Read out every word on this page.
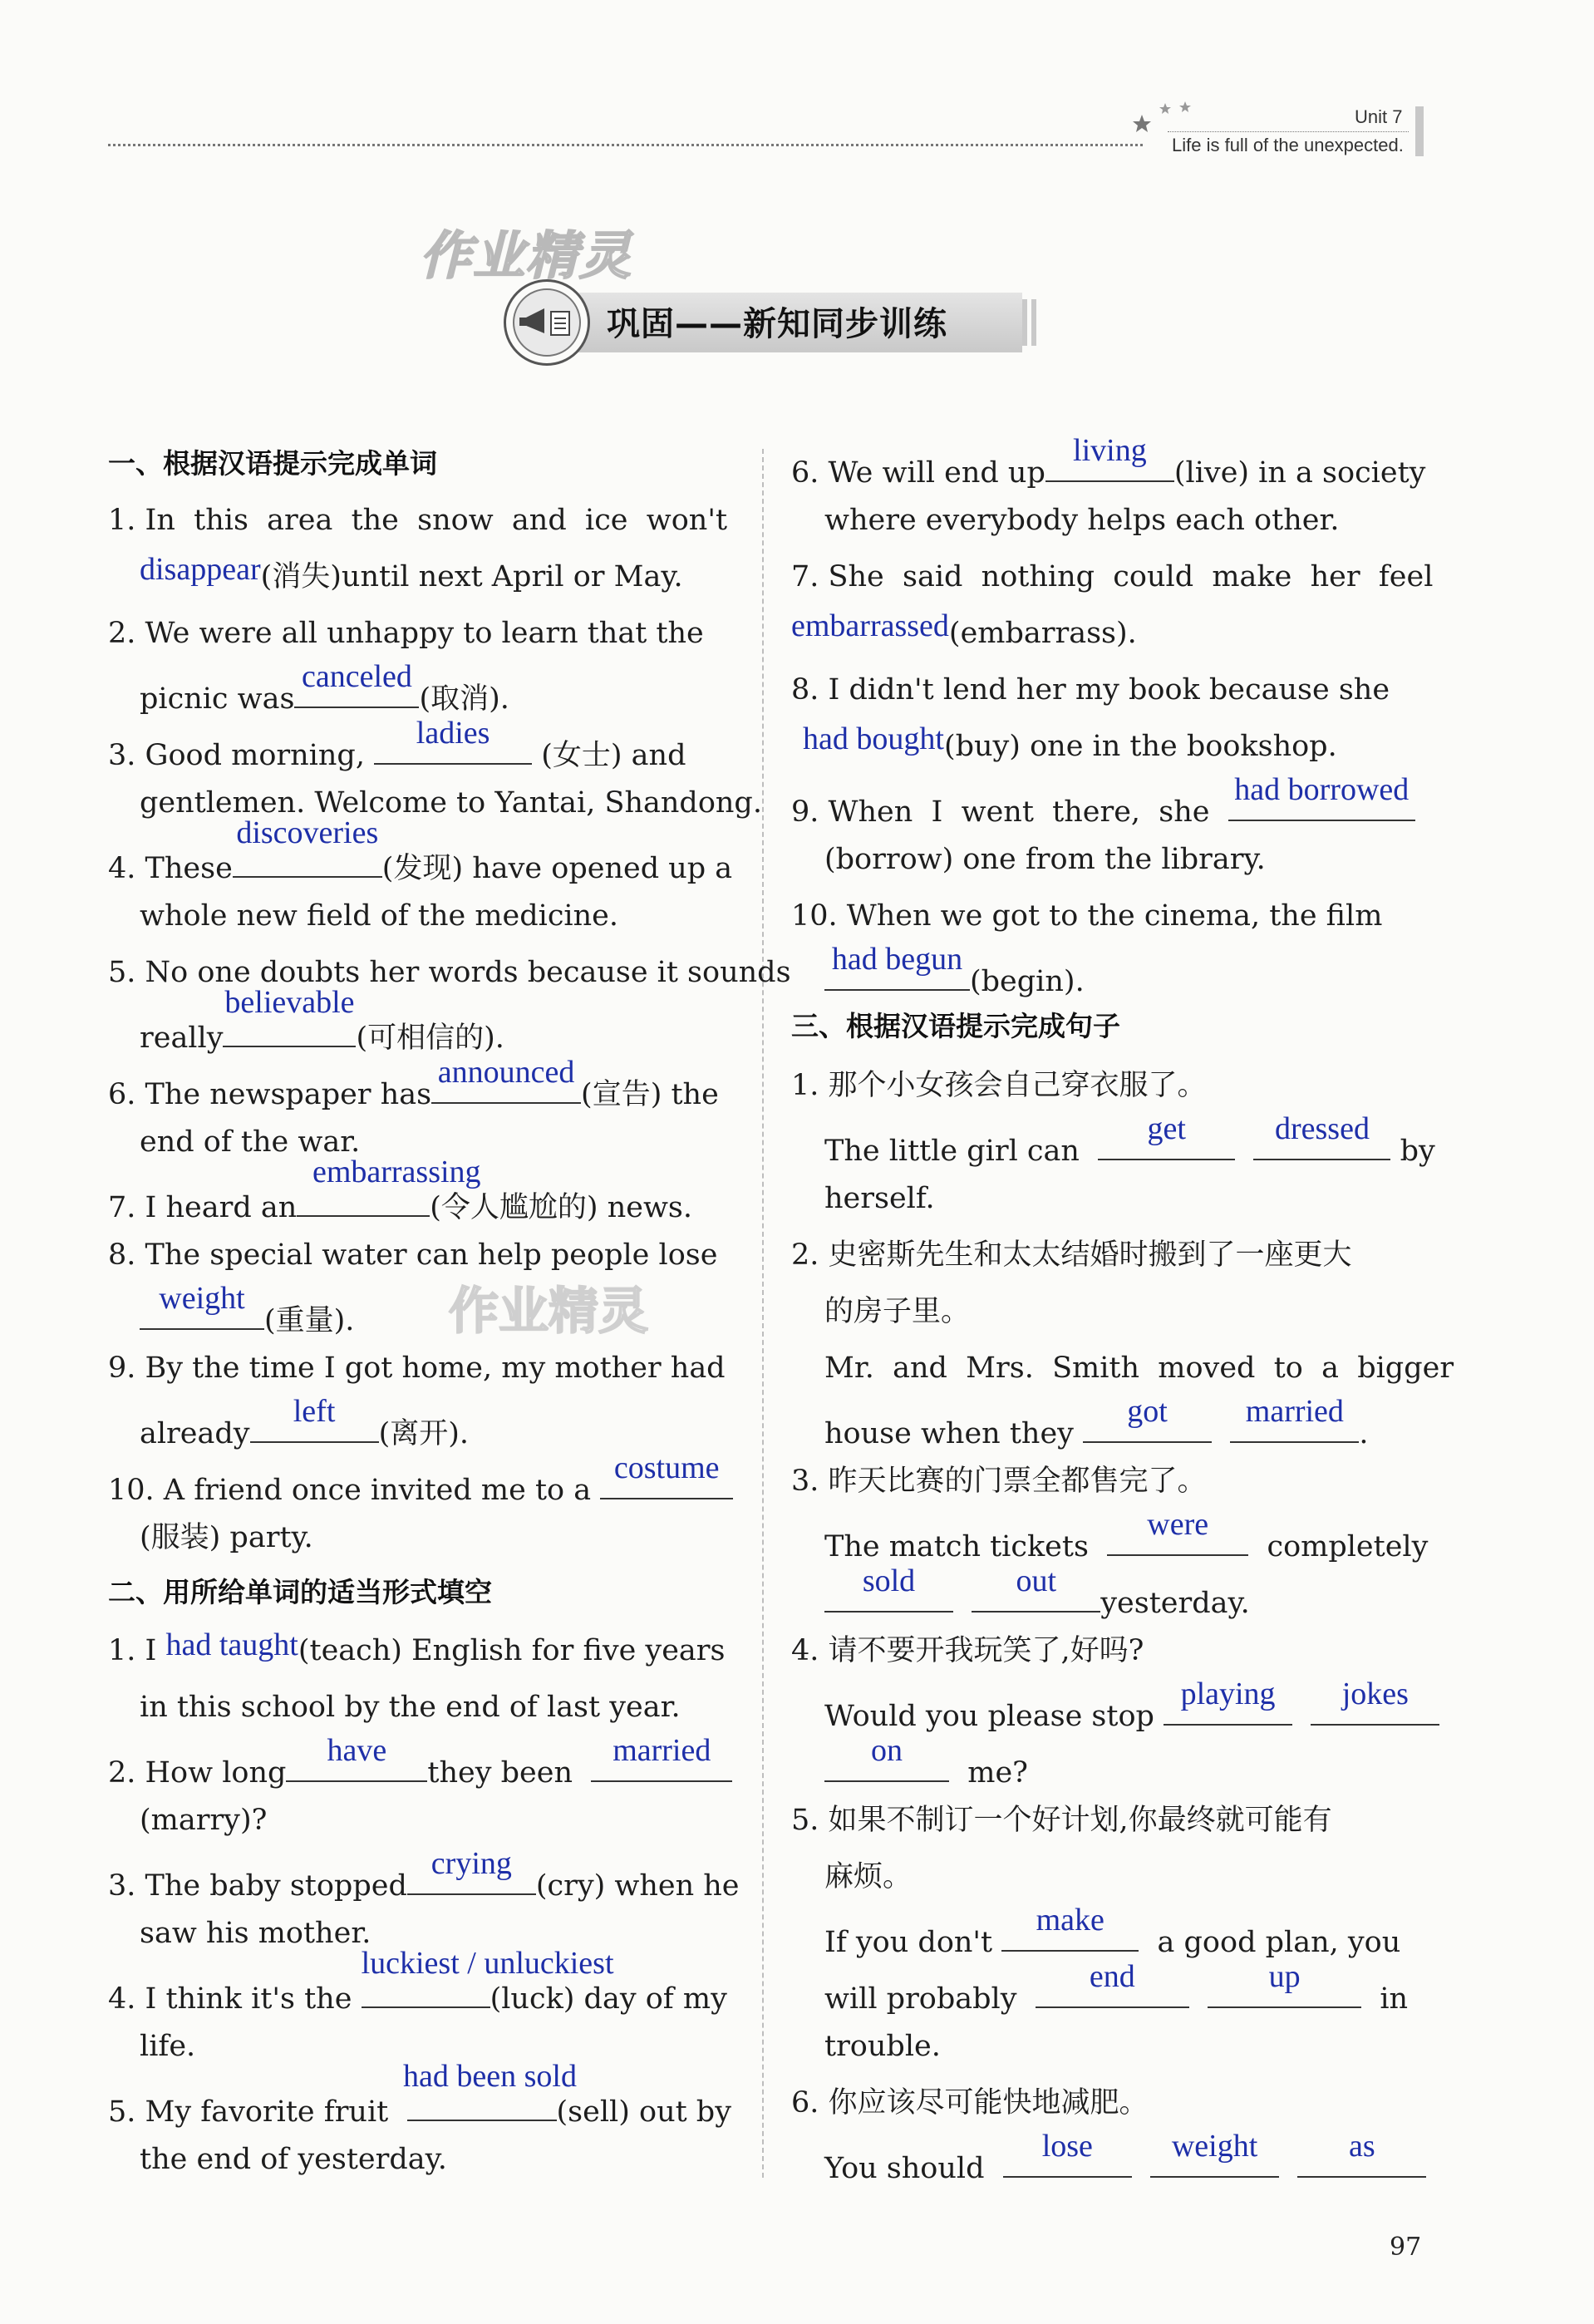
Unit 7
Life is full of the unexpected.
作业精灵
巩固——新知同步训练
作业精灵
一、根据汉语提示完成单词
1. In  this  area  the  snow  and  ice  won't
disappear(消失)until next April or May.
2. We were all unhappy to learn that the
picnic was
canceled
(取消).
3. Good morning,
ladies
(女士) and
gentlemen. Welcome to Yantai, Shandong.
4. These
discoveries
(发现) have opened up a
whole new field of the medicine.
5. No one doubts her words because it sounds
really
believable
(可相信的).
6. The newspaper has
announced
(宣告) the
end of the war.
7. I heard an
embarrassing
(令人尴尬的) news.
8. The special water can help people lose
weight
(重量).
9. By the time I got home, my mother had
already
left
(离开).
10. A friend once invited me to a
costume
(服装) party.
二、用所给单词的适当形式填空
1. I had taught(teach) English for five years
in this school by the end of last year.
2. How long
have
they been
married
(marry)?
3. The baby stopped
crying
(cry) when he
saw his mother.
4. I think it's the
luckiest / unluckiest
(luck) day of my
life.
5. My favorite fruit
had been sold
(sell) out by
the end of yesterday.
6. We will end up
living
(live) in a society
where everybody helps each other.
7. She  said  nothing  could  make  her  feel
embarrassed(embarrass).
8. I didn't lend her my book because she
had bought(buy) one in the bookshop.
9. When  I  went  there,  she
had borrowed
(borrow) one from the library.
10. When we got to the cinema, the film
had begun
(begin).
三、根据汉语提示完成句子
1. 那个小女孩会自己穿衣服了。
The little girl can
get
	dressed
by
herself.
2. 史密斯先生和太太结婚时搬到了一座更大
的房子里。
Mr.  and  Mrs.  Smith  moved  to  a  bigger
house when they
got
	married
.
3. 昨天比赛的门票全都售完了。
The match tickets
were
completely
sold
	out
yesterday.
4. 请不要开我玩笑了,好吗?
Would you please stop
playing
	jokes
on
me?
5. 如果不制订一个好计划,你最终就可能有
麻烦。
If you don't
make
a good plan, you
will probably
end
	up
in
trouble.
6. 你应该尽可能快地减肥。
You should
lose
	weight
	as
97
